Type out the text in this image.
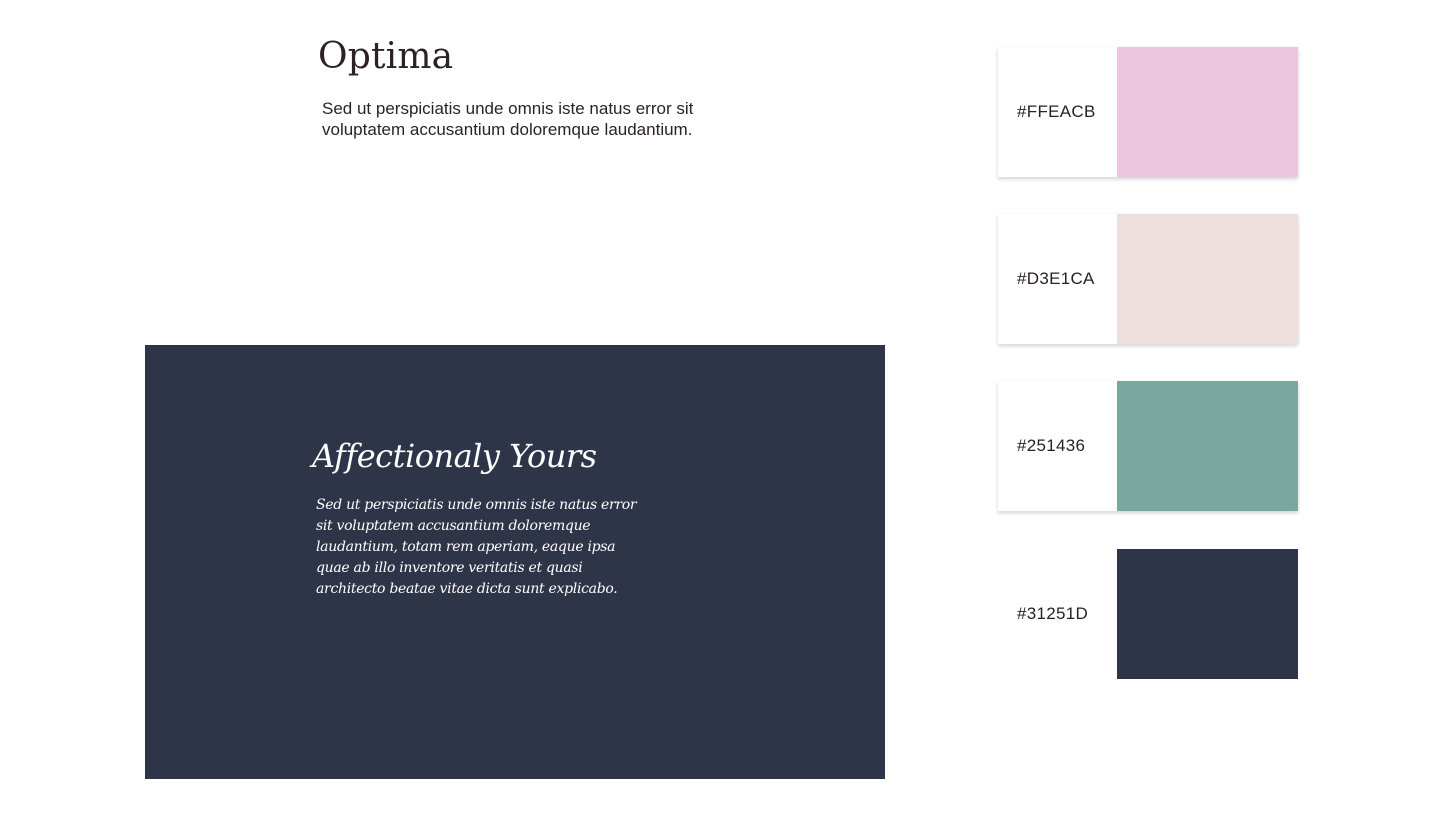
Optima
Sed ut perspiciatis unde omnis iste natus error sit voluptatem accusantium doloremque laudantium.
Affectionaly Yours
Sed ut perspiciatis unde omnis iste natus error sit voluptatem accusantium doloremque laudantium, totam rem aperiam, eaque ipsa quae ab illo inventore veritatis et quasi architecto beatae vitae dicta sunt explicabo.
#FFEACB
#D3E1CA
#251436
#31251D
